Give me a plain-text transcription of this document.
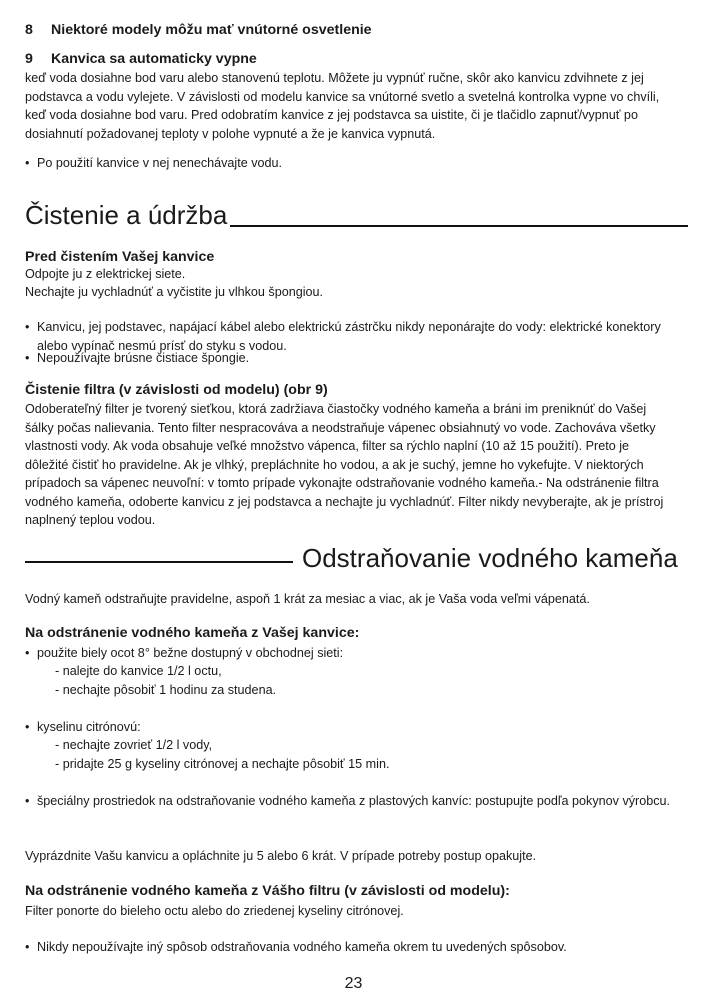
8 Niektoré modely môžu mať vnútorné osvetlenie
9 Kanvica sa automaticky vypne

keď voda dosiahne bod varu alebo stanovenú teplotu. Môžete ju vypnúť ručne, skôr ako kanvicu zdvihnete z jej podstavca a vodu vylejete. V závislosti od modelu kanvice sa vnútorné svetlo a svetelná kontrolka vypne vo chvíli, keď voda dosiahne bod varu. Pred odobratím kanvice z jej podstavca sa uistite, či je tlačidlo zapnuť/vypnuť po dosiahnutí požadovanej teploty v polohe vypnuté a že je kanvica vypnutá.

• Po použití kanvice v nej nenechávajte vodu.
Čistenie a údržba
Pred čistením Vašej kanvice

Odpojte ju z elektrickej siete.

Nechajte ju vychladnúť a vyčistite ju vlhkou špongiou.

• Kanvicu, jej podstavec, napájací kábel alebo elektrickú zástrčku nikdy neponárajte do vody: elektrické konektory alebo vypínač nesmú prísť do styku s vodou.
• Nepoužívajte brúsne čistiace špongie.
Čistenie filtra (v závislosti od modelu) (obr 9)

Odoberateľný filter je tvorený sieťkou, ktorá zadržiava čiastočky vodného kameňa a bráni im preniknúť do Vašej šálky počas nalievania. Tento filter nespracováva a neodstraňuje vápenec obsiahnutý vo vode. Zachováva všetky vlastnosti vody. Ak voda obsahuje veľké množstvo vápenca, filter sa rýchlo naplní (10 až 15 použití). Preto je dôležité čistiť ho pravidelne. Ak je vlhký, prepláchnite ho vodou, a ak je suchý, jemne ho vykefujte. V niektorých prípadoch sa vápenec neuvoľní: v tomto prípade vykonajte odstraňovanie vodného kameňa.- Na odstránenie filtra vodného kameňa, odoberte kanvicu z jej podstavca a nechajte ju vychladnúť. Filter nikdy nevyberajte, ak je prístroj naplnený teplou vodou.

Odstraňovanie vodného kameňa

Vodný kameň odstraňujte pravidelne, aspoň 1 krát za mesiac a viac, ak je Vaša voda veľmi vápenatá.

Na odstránenie vodného kameňa z Vašej kanvice:
• použite biely ocot 8° bežne dostupný v obchodnej sieti:
- nalejte do kanvice 1/2 l octu,
- nechajte pôsobiť 1 hodinu za studena.
• kyselinu citrónovú:
- nechajte zovrieť 1/2 l vody,
- pridajte 25 g kyseliny citrónovej a nechajte pôsobiť 15 min.
• špeciálny prostriedok na odstraňovanie vodného kameňa z plastových kanvíc: postupujte podľa pokynov výrobcu.

Vyprázdnite Vašu kanvicu a opláchnite ju 5 alebo 6 krát. V prípade potreby postup opakujte.

Na odstránenie vodného kameňa z Vášho filtru (v závislosti od modelu):

Filter ponorte do bieleho octu alebo do zriedenej kyseliny citrónovej.

• Nikdy nepoužívajte iný spôsob odstraňovania vodného kameňa okrem tu uvedených spôsobov.
23
